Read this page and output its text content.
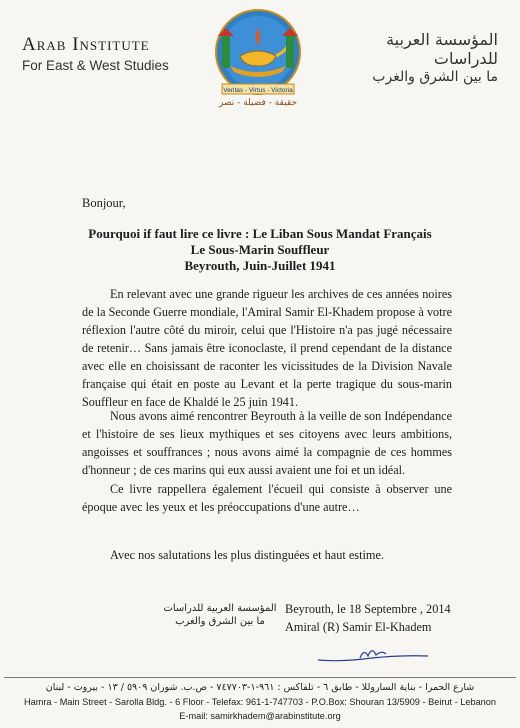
Arab Institute
For East & West Studies
Veritas - Virtus - Victoria
حقيقة - فضيلة - نصر
المؤسسة العربية للدراسات
ما بين الشرق والغرب
Bonjour,
Pourquoi if faut lire ce livre : Le Liban Sous Mandat Français
Le Sous-Marin Souffleur
Beyrouth, Juin-Juillet 1941
En relevant avec une grande rigueur les archives de ces années noires de la Seconde Guerre mondiale, l'Amiral Samir El-Khadem propose à votre réflexion l'autre côté du miroir, celui que l'Histoire n'a pas jugé nécessaire de retenir… Sans jamais être iconoclaste, il prend cependant de la distance avec elle en choisissant de raconter les vicissitudes de la Division Navale française qui était en poste au Levant et la perte tragique du sous-marin Souffleur en face de Khaldé le 25 juin 1941.
Nous avons aimé rencontrer Beyrouth à la veille de son Indépendance et l'histoire de ses lieux mythiques et ses citoyens avec leurs ambitions, angoisses et souffrances ; nous avons aimé la compagnie de ces hommes d'honneur ; de ces marins qui eux aussi avaient une foi et un idéal.
Ce livre rappellera également l'écueil qui consiste à observer une époque avec les yeux et les préoccupations d'une autre…
Avec nos salutations les plus distinguées et haut estime.
المؤسسة العربية للدراسات
ما بين الشرق والغرب
Beyrouth, le 18 Septembre , 2014
Amiral (R) Samir El-Khadem
شارع الحمرا - بناية الساروللا - طابق ٦ - تلفاكس : ٩٦١-١-٧٤٧٧٠٣ - ص.ب. شوران ٥٩٠٩ / ١٣ - بيروت - لبنان
Hamra - Main Street - Sarolla Bldg. - 6 Floor - Telefax: 961-1-747703 - P.O.Box: Shouran 13/5909 - Beirut - Lebanon
E-mail: samirkhadem@arabinstitute.org
